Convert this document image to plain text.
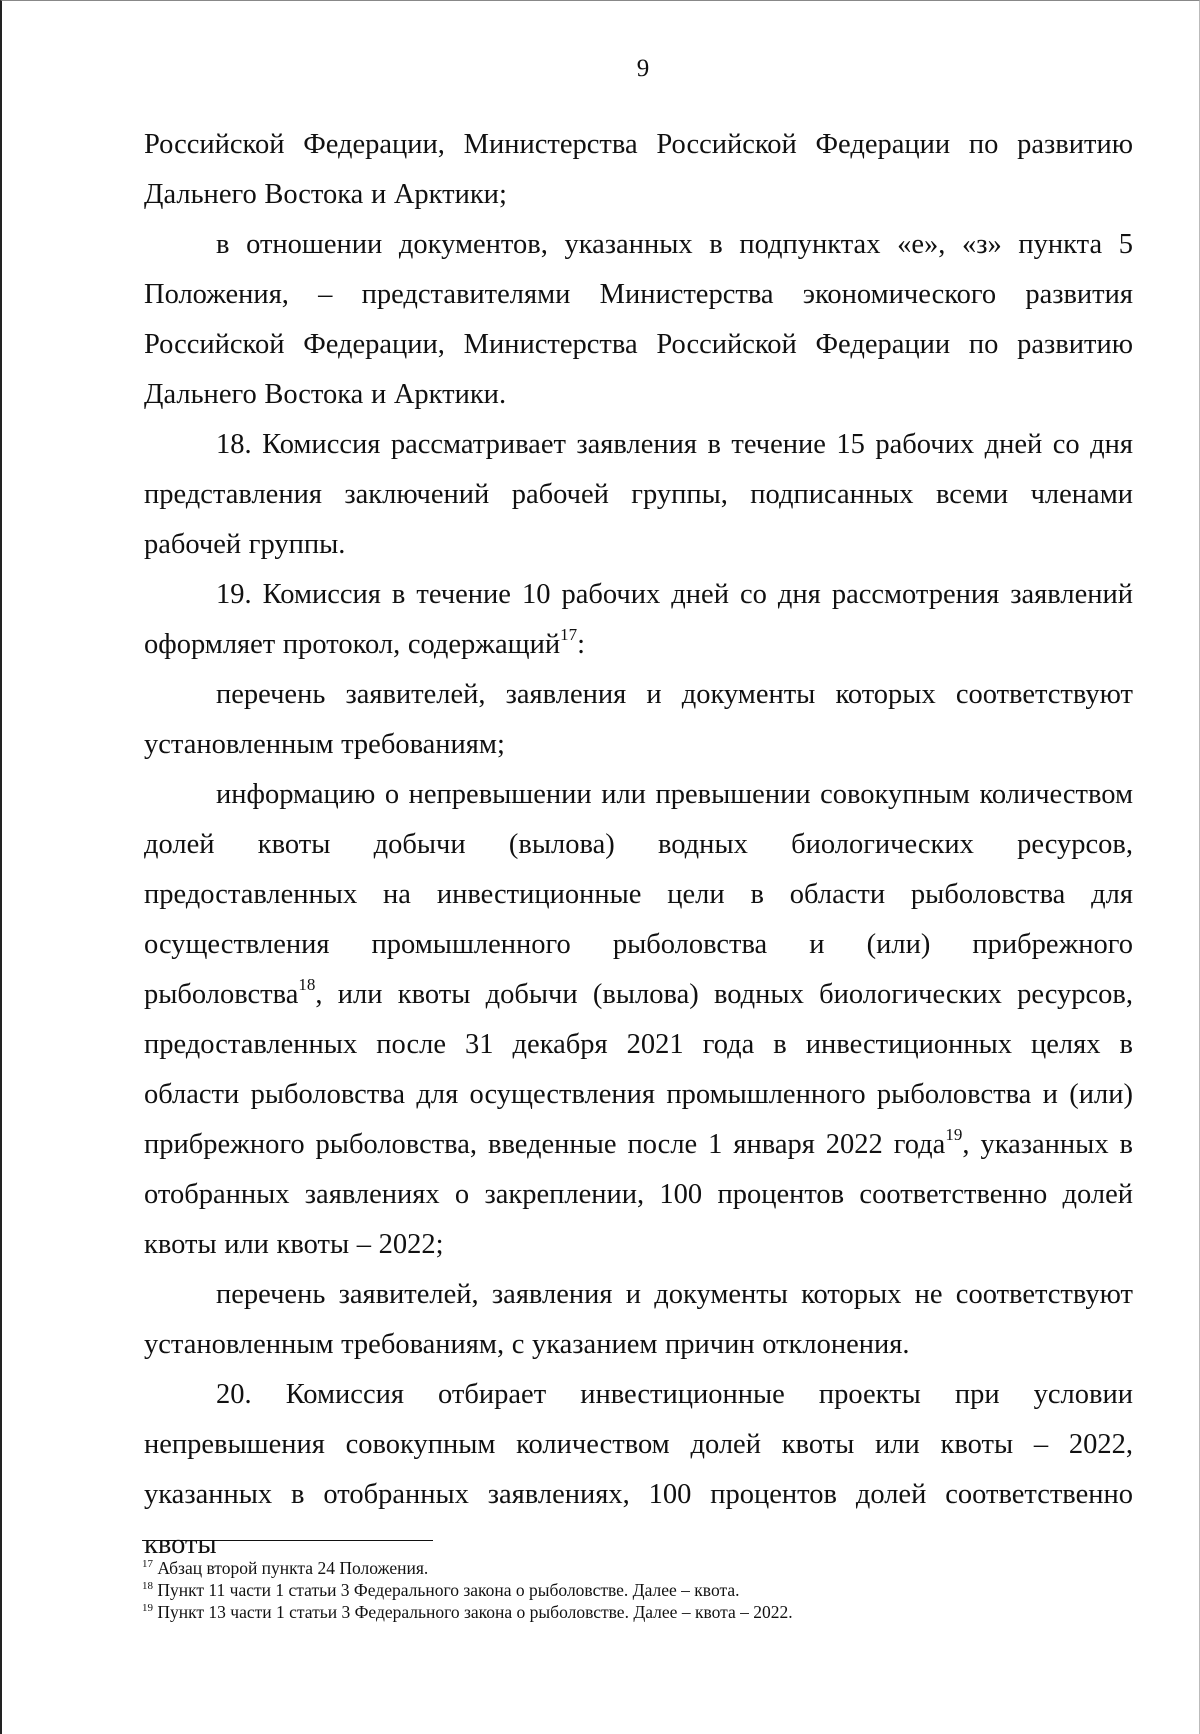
9

Российской Федерации, Министерства Российской Федерации по развитию Дальнего Востока и Арктики;

в отношении документов, указанных в подпунктах «е», «з» пункта 5 Положения, – представителями Министерства экономического развития Российской Федерации, Министерства Российской Федерации по развитию Дальнего Востока и Арктики.

18. Комиссия рассматривает заявления в течение 15 рабочих дней со дня представления заключений рабочей группы, подписанных всеми членами рабочей группы.

19. Комиссия в течение 10 рабочих дней со дня рассмотрения заявлений оформляет протокол, содержащий$^{17}$:

перечень заявителей, заявления и документы которых соответствуют установленным требованиям;

информацию о непревышении или превышении совокупным количеством долей квоты добычи (вылова) водных биологических ресурсов, предоставленных на инвестиционные цели в области рыболовства для осуществления промышленного рыболовства и (или) прибрежного рыболовства$^{18}$, или квоты добычи (вылова) водных биологических ресурсов, предоставленных после 31 декабря 2021 года в инвестиционных целях в области рыболовства для осуществления промышленного рыболовства и (или) прибрежного рыболовства, введенные после 1 января 2022 года$^{19}$, указанных в отобранных заявлениях о закреплении, 100 процентов соответственно долей квоты или квоты – 2022;

перечень заявителей, заявления и документы которых не соответствуют установленным требованиям, с указанием причин отклонения.

20. Комиссия отбирает инвестиционные проекты при условии непревышения совокупным количеством долей квоты или квоты – 2022, указанных в отобранных заявлениях, 100 процентов долей соответственно квоты

$^{17}$ Абзац второй пункта 24 Положения.

$^{18}$ Пункт 11 части 1 статьи 3 Федерального закона о рыболовстве. Далее – квота.

$^{19}$ Пункт 13 части 1 статьи 3 Федерального закона о рыболовстве. Далее – квота – 2022.
